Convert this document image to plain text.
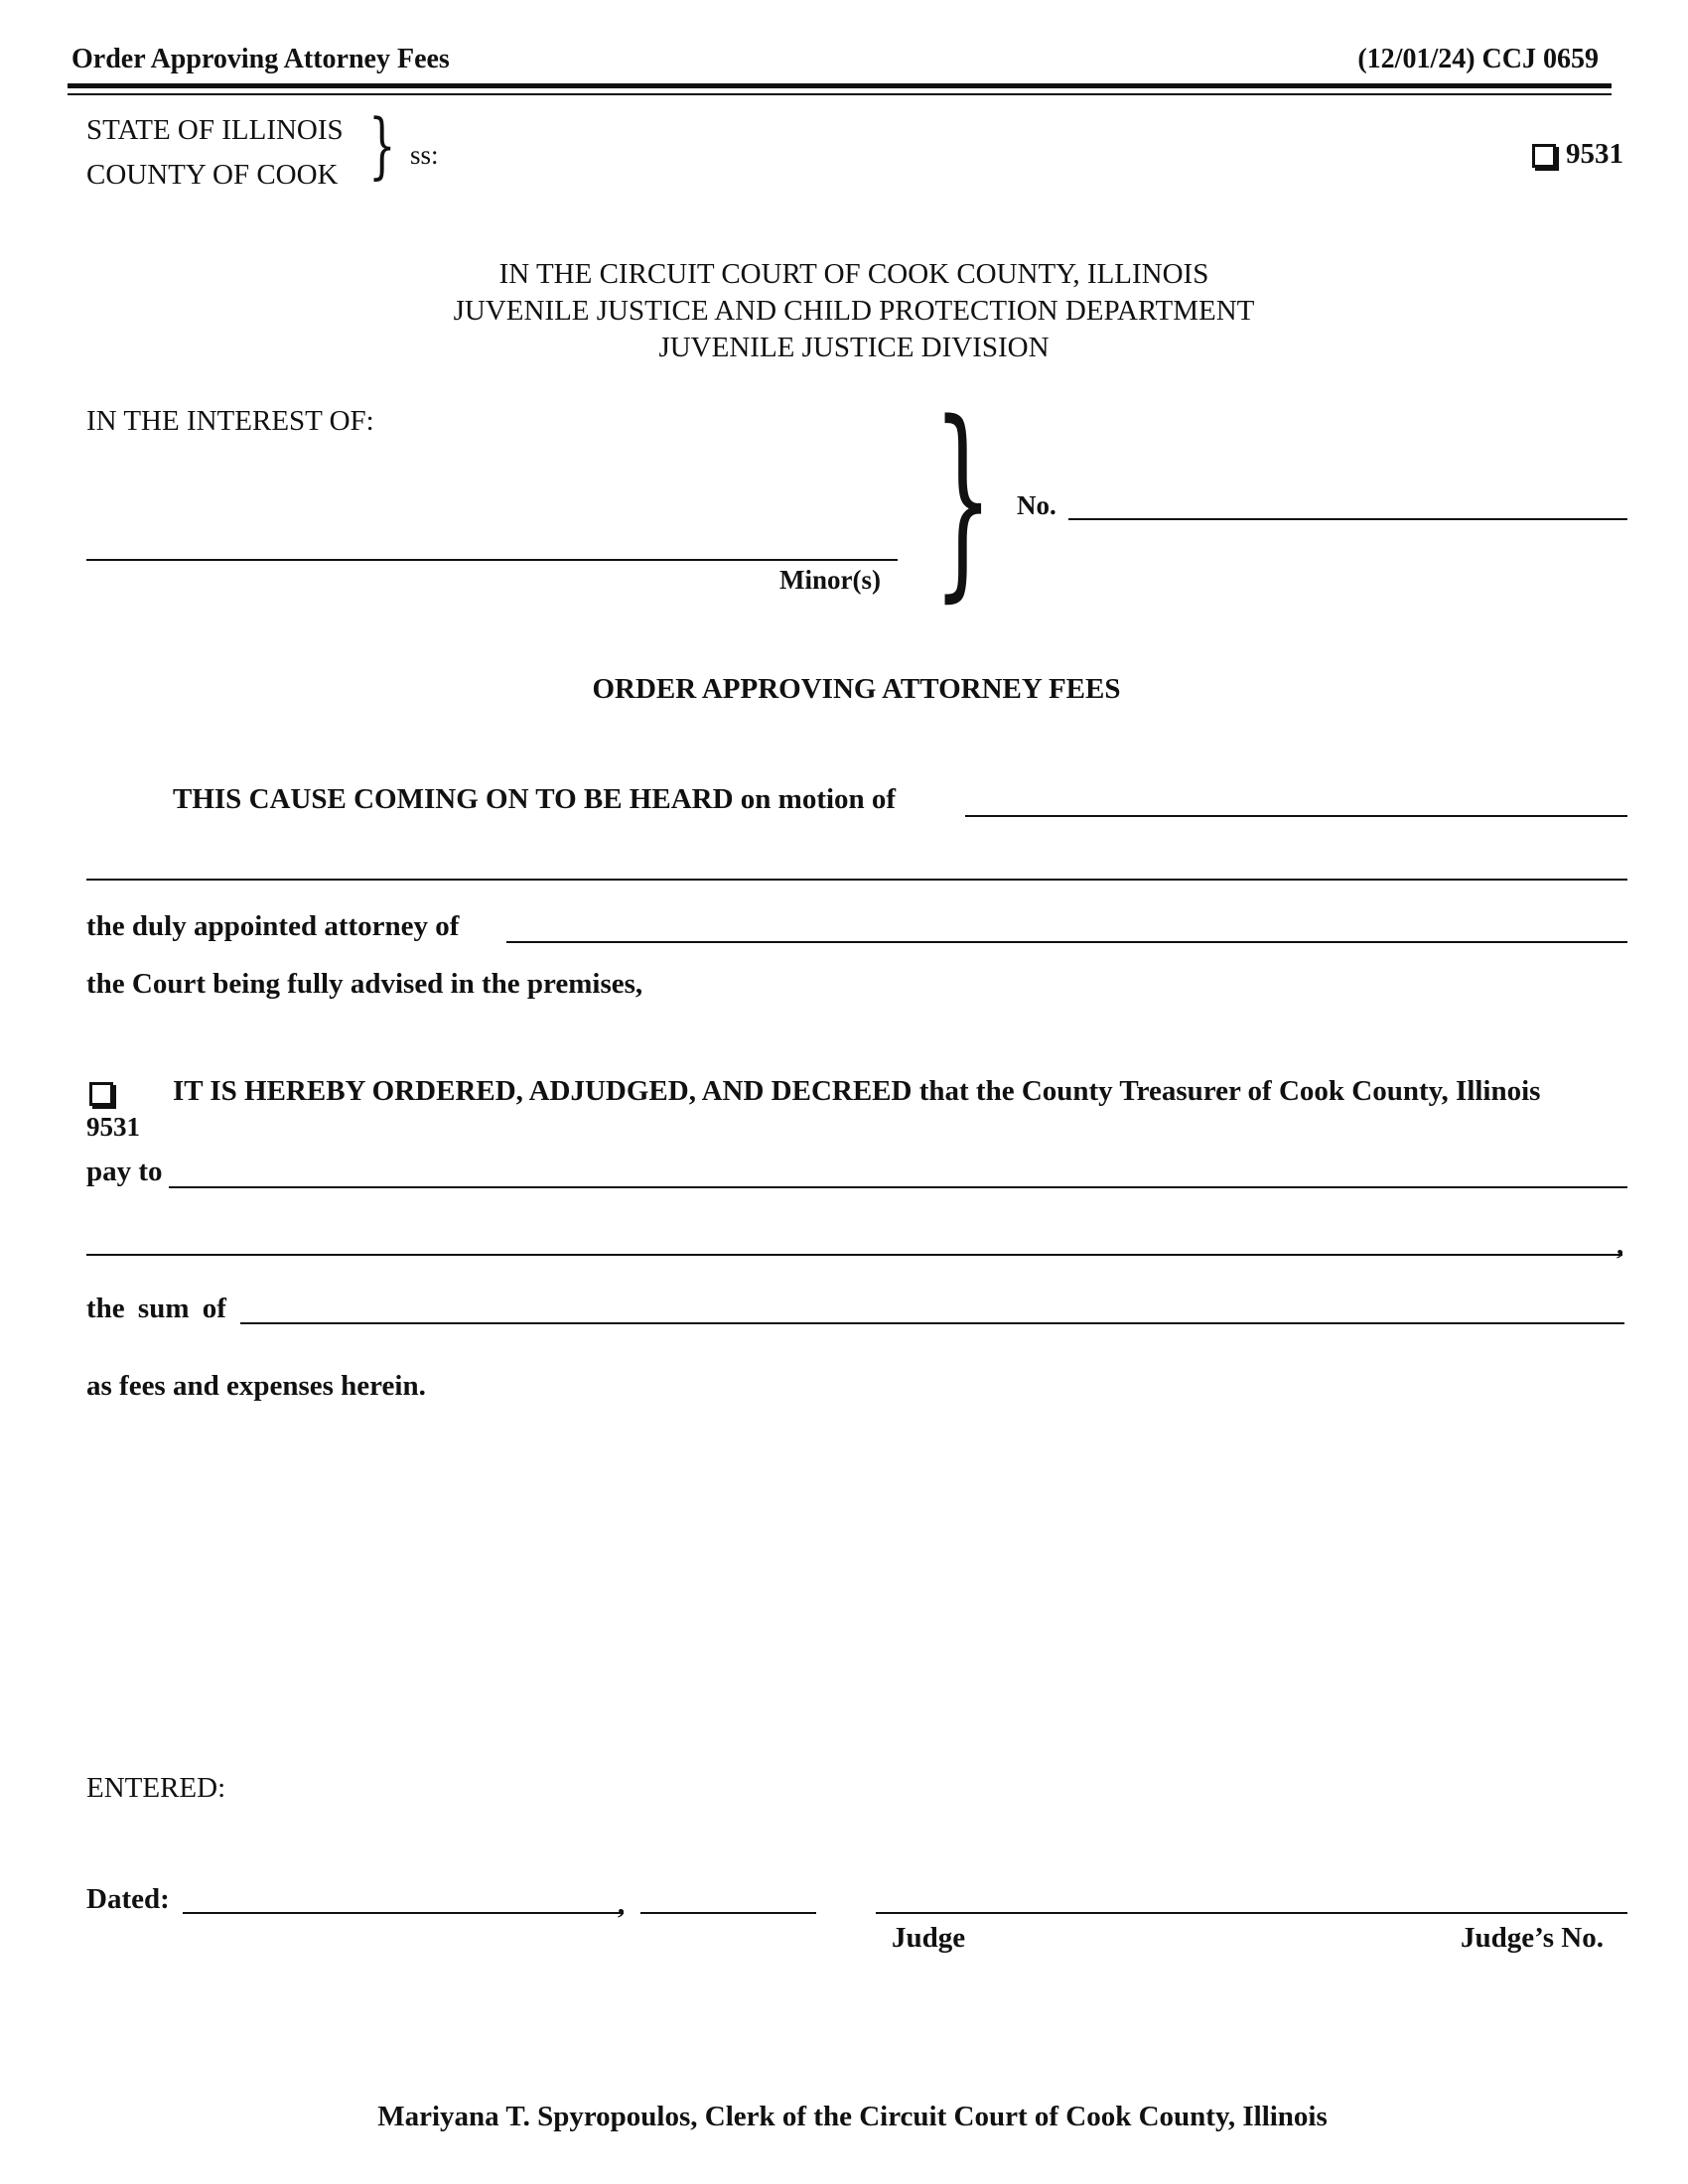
Order Approving Attorney Fees	(12/01/24) CCJ 0659
STATE OF ILLINOIS
COUNTY OF COOK } ss:	9531
IN THE CIRCUIT COURT OF COOK COUNTY, ILLINOIS
JUVENILE JUSTICE AND CHILD PROTECTION DEPARTMENT
JUVENILE JUSTICE DIVISION
IN THE INTEREST OF:
Minor(s) } No.
ORDER APPROVING ATTORNEY FEES
THIS CAUSE COMING ON TO BE HEARD on motion of
the duly appointed attorney of
the Court being fully advised in the premises,
IT IS HEREBY ORDERED, ADJUDGED, AND DECREED that the County Treasurer of Cook County, Illinois
9531
pay to
,
the sum of
as fees and expenses herein.
ENTERED:
Dated:	,
Judge	Judge’s No.
Mariyana T. Spyropoulos, Clerk of the Circuit Court of Cook County, Illinois
